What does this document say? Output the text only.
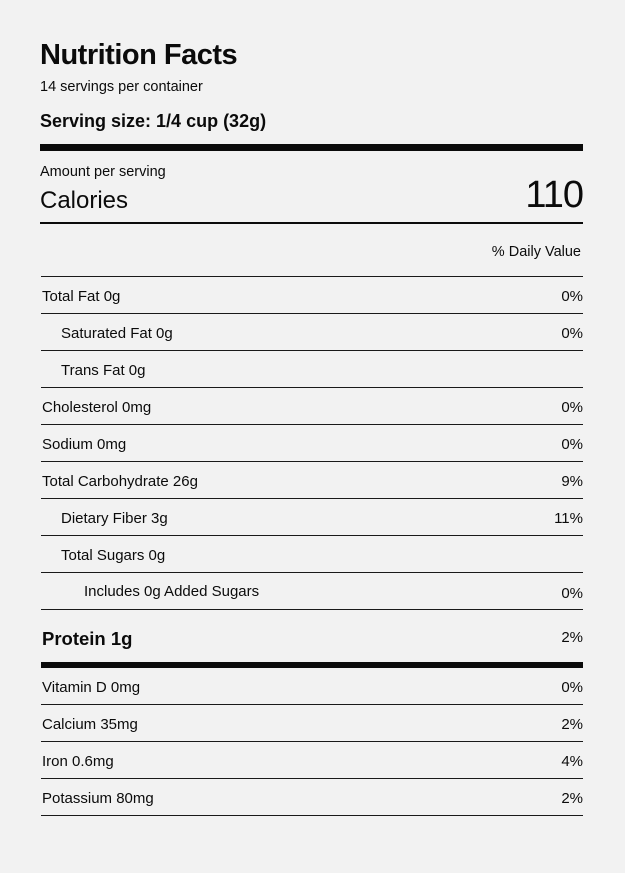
Nutrition Facts
14 servings per container
Serving size: 1/4 cup (32g)
Amount per serving
Calories	110
% Daily Value
Total Fat 0g	0%
Saturated Fat 0g	0%
Trans Fat 0g
Cholesterol 0mg	0%
Sodium 0mg	0%
Total Carbohydrate 26g	9%
Dietary Fiber 3g	11%
Total Sugars 0g
Includes 0g Added Sugars	0%
Protein 1g	2%
Vitamin D 0mg	0%
Calcium 35mg	2%
Iron 0.6mg	4%
Potassium 80mg	2%
